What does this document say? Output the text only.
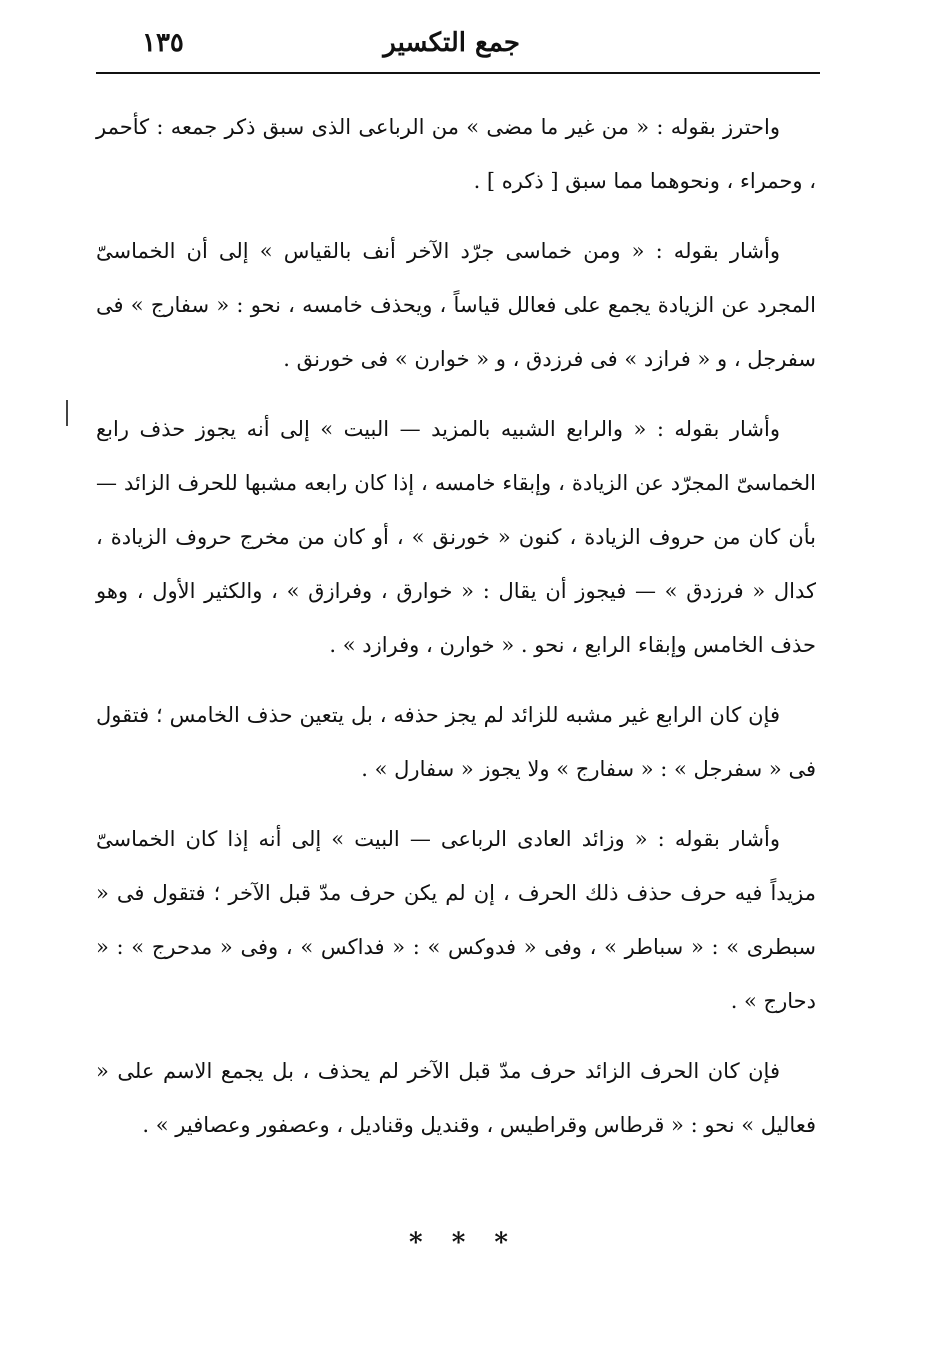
جمع التكسير
١٣٥

واحترز بقوله : « من غير ما مضى » من الرباعى الذى سبق ذكر جمعه : كأحمر ، وحمراء ، ونحوهما مما سبق [ ذكره ] .

وأشار بقوله : « ومن خماسى جرّد الآخر أنف بالقياس » إلى أن الخماسىّ المجرد عن الزيادة يجمع على فعالل قياساً ، ويحذف خامسه ، نحو : « سفارج » فى سفرجل ، و « فرازد » فى فرزدق ، و « خوارن » فى خورنق .

وأشار بقوله : « والرابع الشبيه بالمزيد — البيت » إلى أنه يجوز حذف رابع الخماسىّ المجرّد عن الزيادة ، وإبقاء خامسه ، إذا كان رابعه مشبها للحرف الزائد — بأن كان من حروف الزيادة ، كنون « خورنق » ، أو كان من مخرج حروف الزيادة ، كدال « فرزدق » — فيجوز أن يقال : « خوارق ، وفرازق » ، والكثير الأول ، وهو حذف الخامس وإبقاء الرابع ، نحو . « خوارن ، وفرازد » .

فإن كان الرابع غير مشبه للزائد لم يجز حذفه ، بل يتعين حذف الخامس ؛ فتقول فى « سفرجل » : « سفارج » ولا يجوز « سفارل » .

وأشار بقوله : « وزائد العادى الرباعى — البيت » إلى أنه إذا كان الخماسىّ مزيداً فيه حرف حذف ذلك الحرف ، إن لم يكن حرف مدّ قبل الآخر ؛ فتقول فى « سبطرى » : « سباطر » ، وفى « فدوكس » : « فداكس » ، وفى « مدحرج » : « دحارج » .

فإن كان الحرف الزائد حرف مدّ قبل الآخر لم يحذف ، بل يجمع الاسم على « فعاليل » نحو : « قرطاس وقراطيس ، وقنديل وقناديل ، وعصفور وعصافير » .

* * *
